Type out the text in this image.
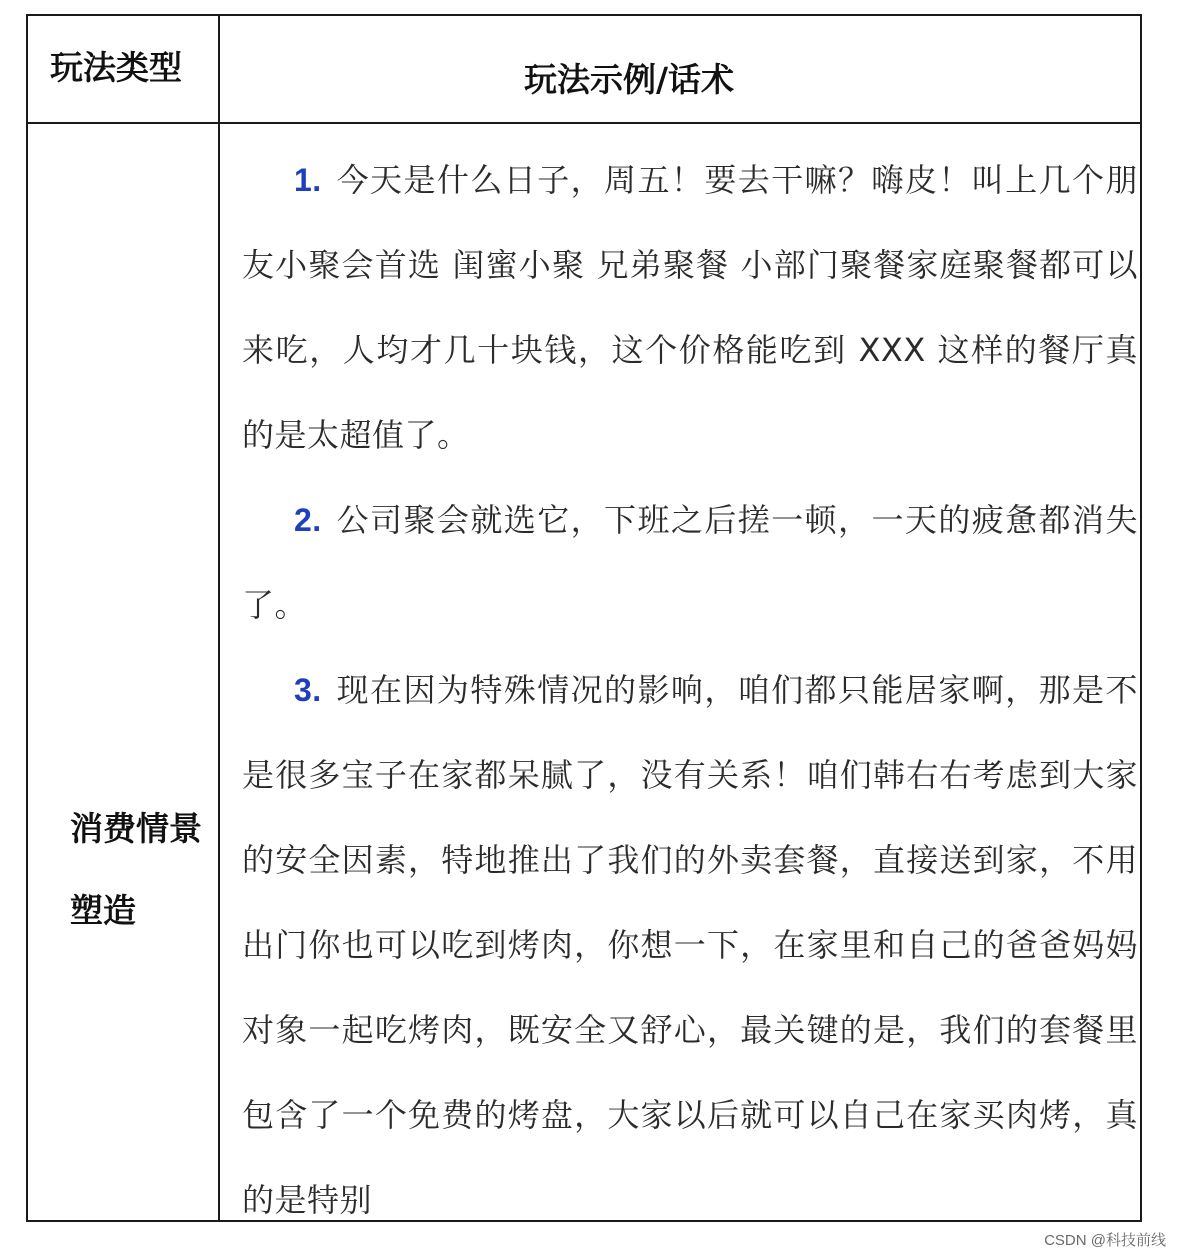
玩法类型	玩法示例/话术
消费情景
塑造

1. 今天是什么日子，周五！要去干嘛？嗨皮！叫上几个朋友小聚会首选 闺蜜小聚 兄弟聚餐 小部门聚餐家庭聚餐都可以来吃，人均才几十块钱，这个价格能吃到 XXX 这样的餐厅真的是太超值了。

2. 公司聚会就选它，下班之后搓一顿，一天的疲惫都消失了。

3. 现在因为特殊情况的影响，咱们都只能居家啊，那是不是很多宝子在家都呆腻了，没有关系！咱们韩右右考虑到大家的安全因素，特地推出了我们的外卖套餐，直接送到家，不用出门你也可以吃到烤肉，你想一下，在家里和自己的爸爸妈妈 对象一起吃烤肉，既安全又舒心，最关键的是，我们的套餐里包含了一个免费的烤盘，大家以后就可以自己在家买肉烤，真的是特别

CSDN @科技前线
